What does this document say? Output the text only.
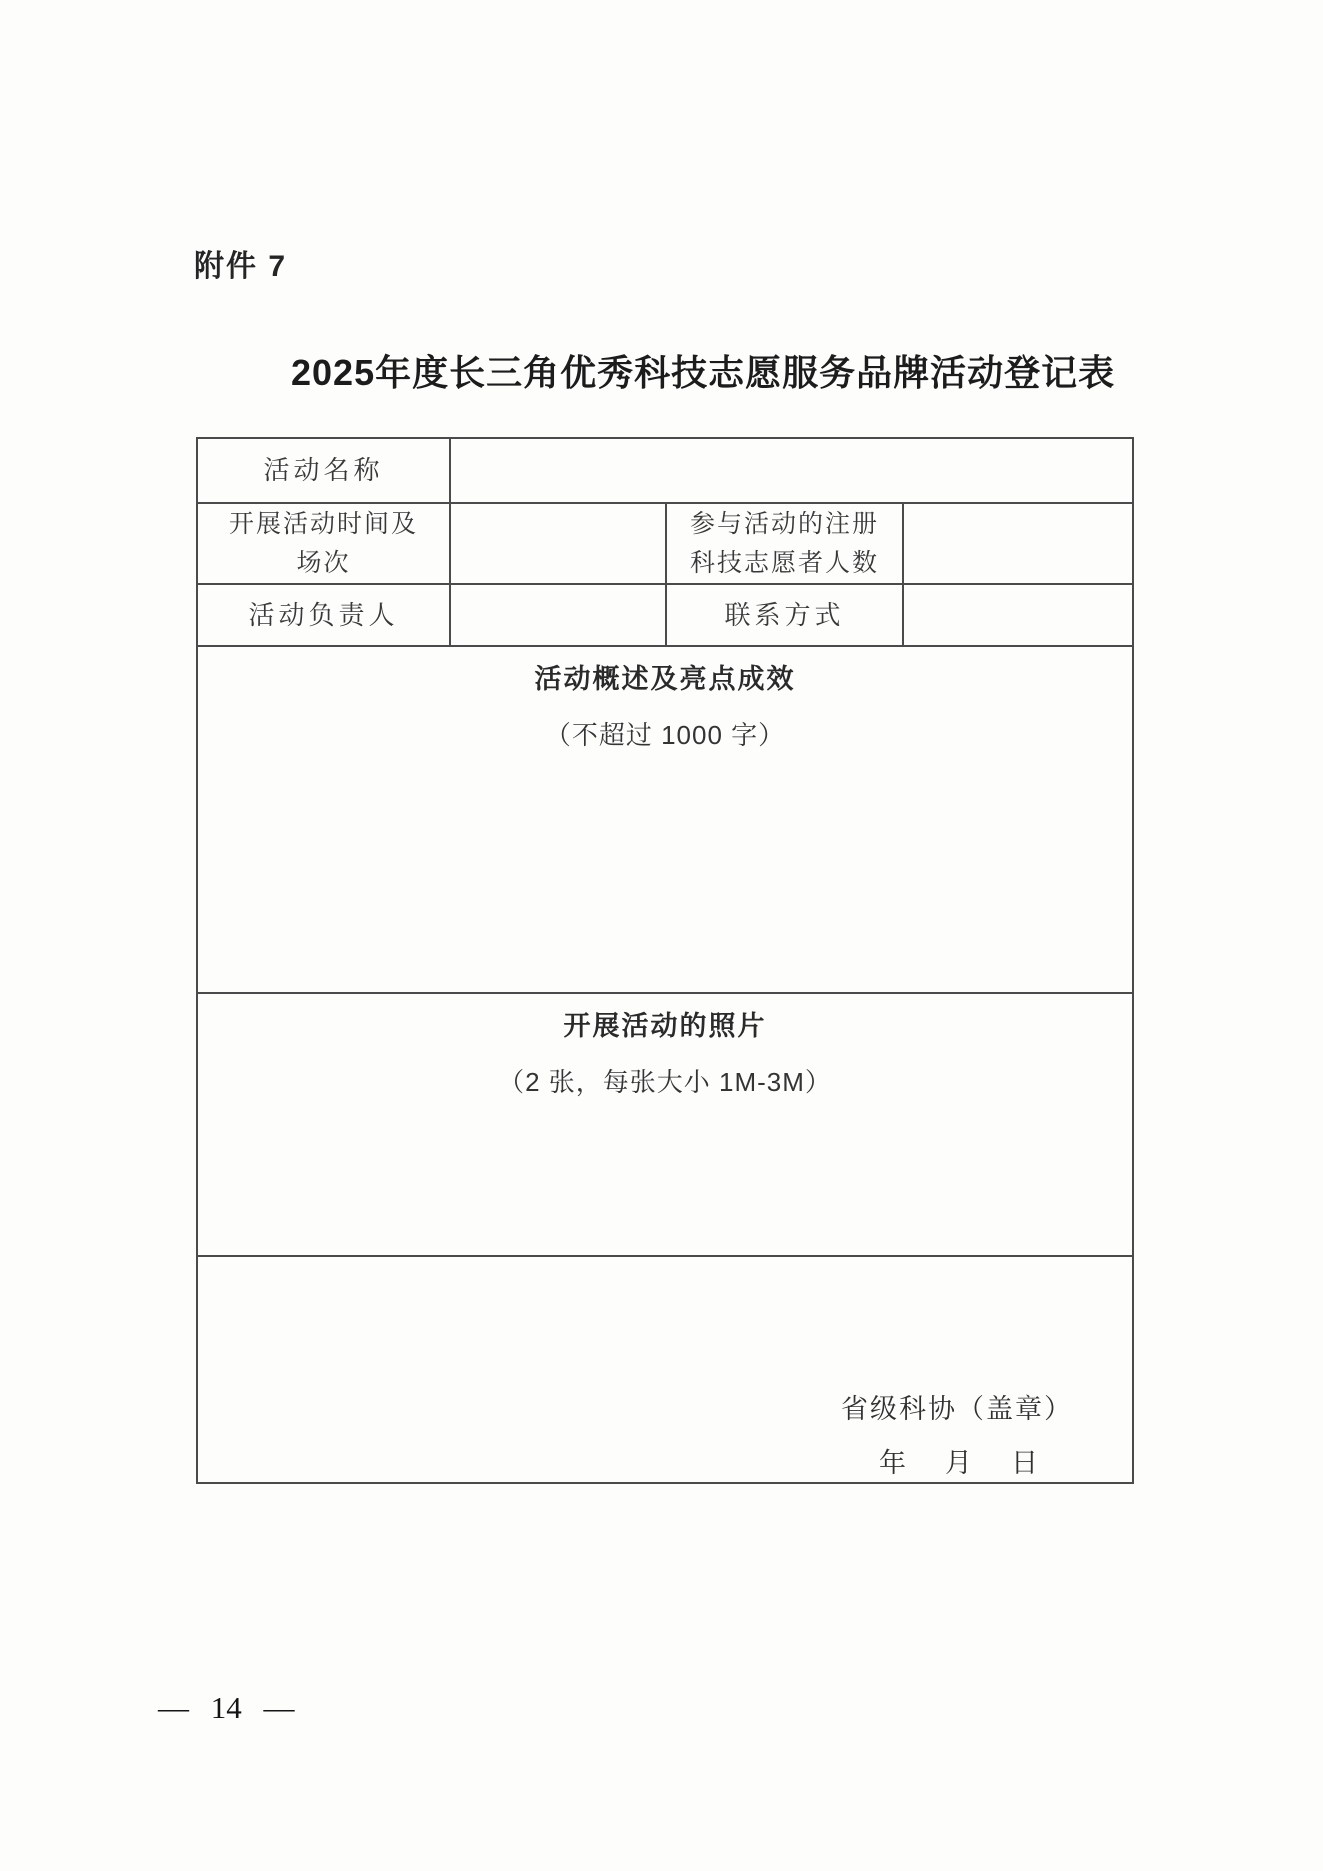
附件 7
2025年度长三角优秀科技志愿服务品牌活动登记表
活动名称
开展活动时间及
场次
参与活动的注册
科技志愿者人数
活动负责人	联系方式
活动概述及亮点成效
（不超过 1000 字）
开展活动的照片
（2 张，每张大小 1M-3M）
省级科协（盖章）
年　月　日
— 14 —
